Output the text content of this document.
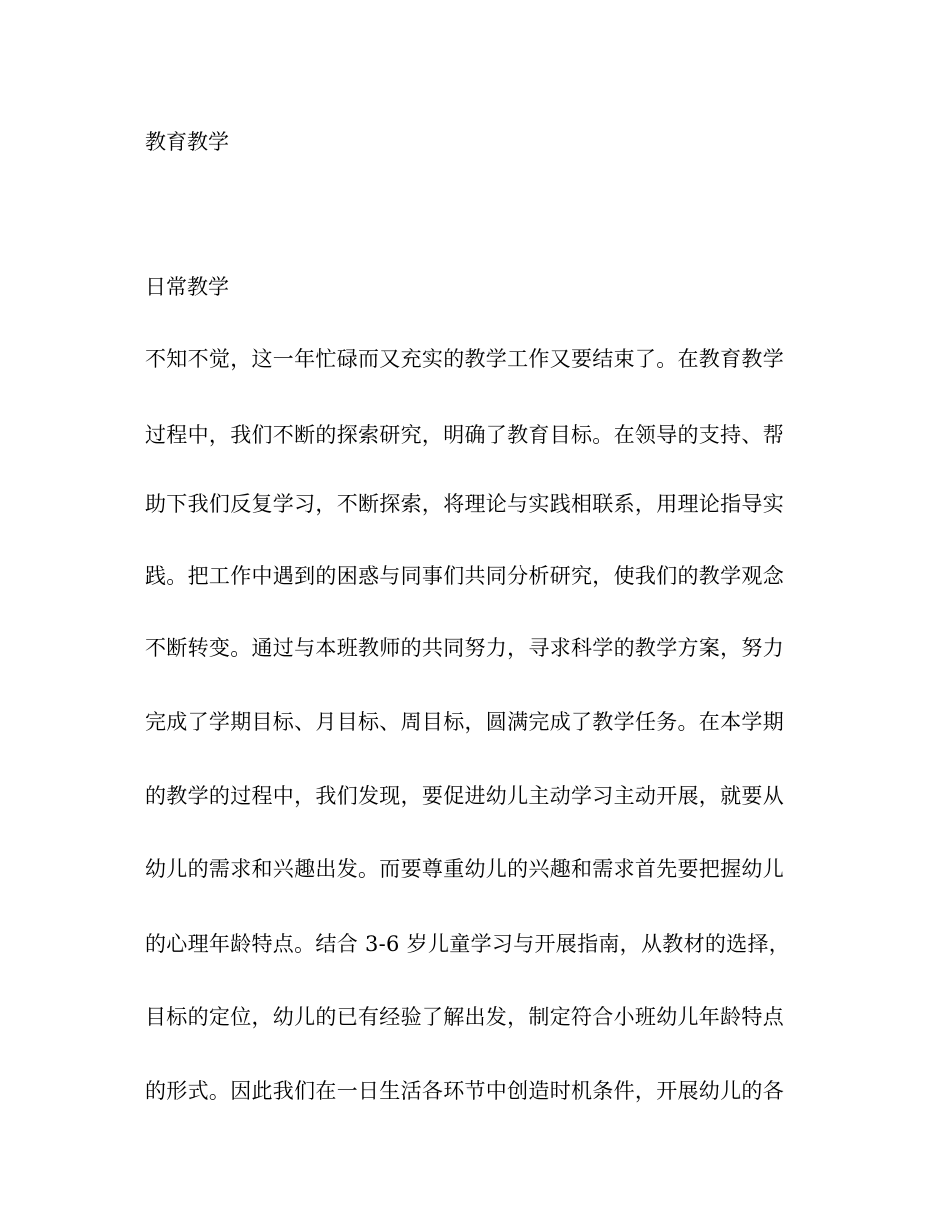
教育教学
日常教学
不知不觉，这一年忙碌而又充实的教学工作又要结束了。在教育教学
过程中，我们不断的探索研究，明确了教育目标。在领导的支持、帮
助下我们反复学习，不断探索，将理论与实践相联系，用理论指导实
践。把工作中遇到的困惑与同事们共同分析研究，使我们的教学观念
不断转变。通过与本班教师的共同努力，寻求科学的教学方案，努力
完成了学期目标、月目标、周目标，圆满完成了教学任务。在本学期
的教学的过程中，我们发现，要促进幼儿主动学习主动开展，就要从
幼儿的需求和兴趣出发。而要尊重幼儿的兴趣和需求首先要把握幼儿
的心理年龄特点。结合 3-6 岁儿童学习与开展指南，从教材的选择，
目标的定位，幼儿的已有经验了解出发，制定符合小班幼儿年龄特点
的形式。因此我们在一日生活各环节中创造时机条件，开展幼儿的各
